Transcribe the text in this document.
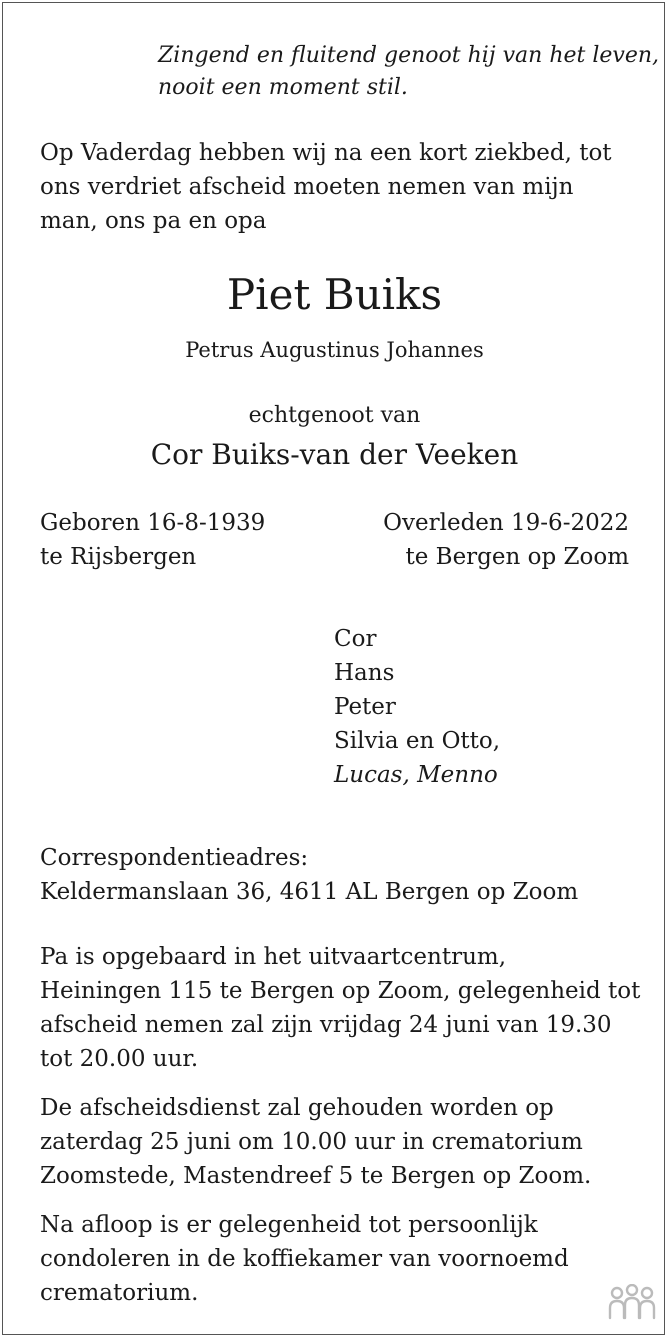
Zingend en fluitend genoot hij van het leven,
nooit een moment stil.
Op Vaderdag hebben wij na een kort ziekbed, tot
ons verdriet afscheid moeten nemen van mijn
man, ons pa en opa
Piet Buiks
Petrus Augustinus Johannes
echtgenoot van
Cor Buiks-van der Veeken
Geboren 16-8-1939
te Rijsbergen
Overleden 19-6-2022
te Bergen op Zoom
Cor
Hans
Peter
Silvia en Otto,
Lucas, Menno
Correspondentieadres:
Keldermanslaan 36, 4611 AL Bergen op Zoom
Pa is opgebaard in het uitvaartcentrum,
Heiningen 115 te Bergen op Zoom, gelegenheid tot
afscheid nemen zal zijn vrijdag 24 juni van 19.30
tot 20.00 uur.
De afscheidsdienst zal gehouden worden op
zaterdag 25 juni om 10.00 uur in crematorium
Zoomstede, Mastendreef 5 te Bergen op Zoom.
Na afloop is er gelegenheid tot persoonlijk
condoleren in de koffiekamer van voornoemd
crematorium.
